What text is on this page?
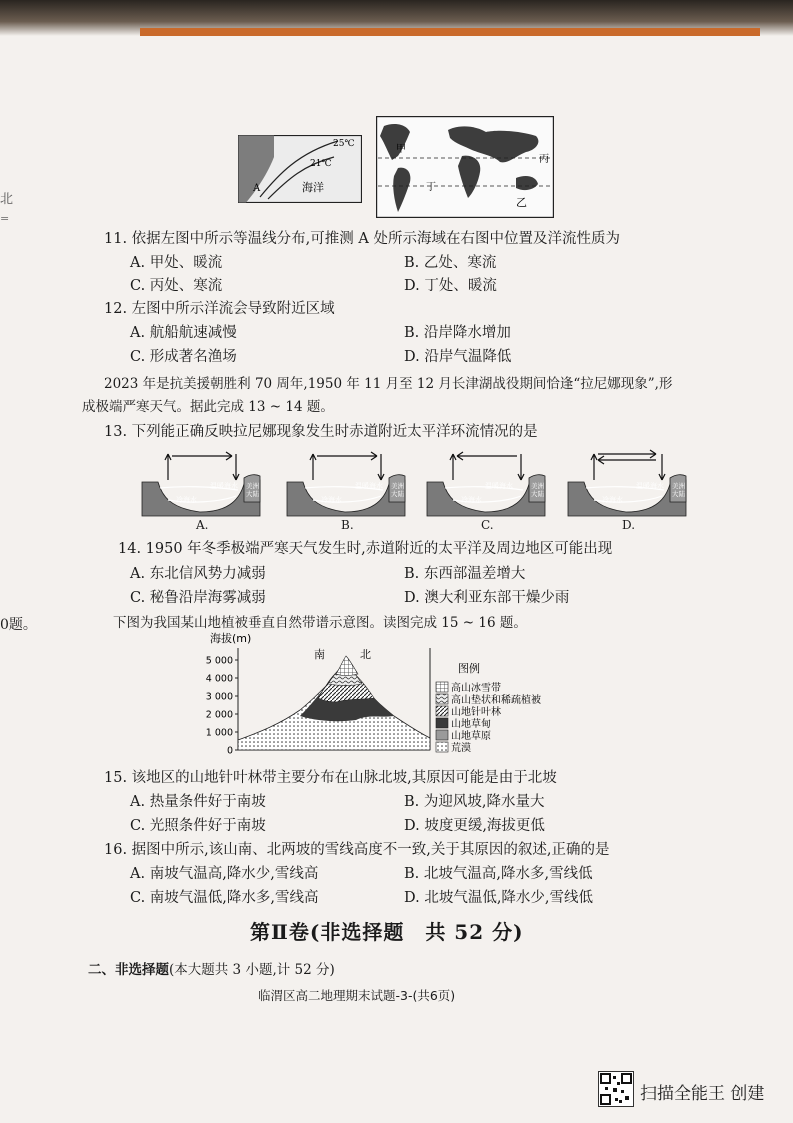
北
=
25℃
21℃
A	海洋
甲
丙
丁
乙
11. 依据左图中所示等温线分布,可推测 A 处所示海域在右图中位置及洋流性质为
A. 甲处、暖流	B. 乙处、寒流
C. 丙处、寒流	D. 丁处、暖流
12. 左图中所示洋流会导致附近区域
A. 航船航速减慢	B. 沿岸降水增加
C. 形成著名渔场	D. 沿岸气温降低
2023 年是抗美援朝胜利 70 周年,1950 年 11 月至 12 月长津湖战役期间恰逢“拉尼娜现象”,形
成极端严寒天气。据此完成 13 ~ 14 题。
13. 下列能正确反映拉尼娜现象发生时赤道附近太平洋环流情况的是
温暖海水
冷海水
美洲
大陆
A.
温暖海水
冷海水
美洲
大陆
B.
温暖海水
冷海水
美洲
大陆
C.
温暖海水
冷海水
美洲
大陆
D.
14. 1950 年冬季极端严寒天气发生时,赤道附近的太平洋及周边地区可能出现
A. 东北信风势力减弱	B. 东西部温差增大
C. 秘鲁沿岸海雾减弱	D. 澳大利亚东部干燥少雨
0题。	下图为我国某山地植被垂直自然带谱示意图。读图完成 15 ~ 16 题。
海拔(m)
5 000
4 000
3 000
2 000
1 000
0
南	北
图例
高山冰雪带
高山垫状和稀疏植被
山地针叶林
山地草甸
山地草原
荒漠
15. 该地区的山地针叶林带主要分布在山脉北坡,其原因可能是由于北坡
A. 热量条件好于南坡	B. 为迎风坡,降水量大
C. 光照条件好于南坡	D. 坡度更缓,海拔更低
16. 据图中所示,该山南、北两坡的雪线高度不一致,关于其原因的叙述,正确的是
A. 南坡气温高,降水少,雪线高	B. 北坡气温高,降水多,雪线低
C. 南坡气温低,降水多,雪线高	D. 北坡气温低,降水少,雪线低
第Ⅱ卷(非选择题　共 52 分)
二、非选择题(本大题共 3 小题,计 52 分)
临渭区高二地理期末试题-3-(共6页)
扫描全能王 创建
